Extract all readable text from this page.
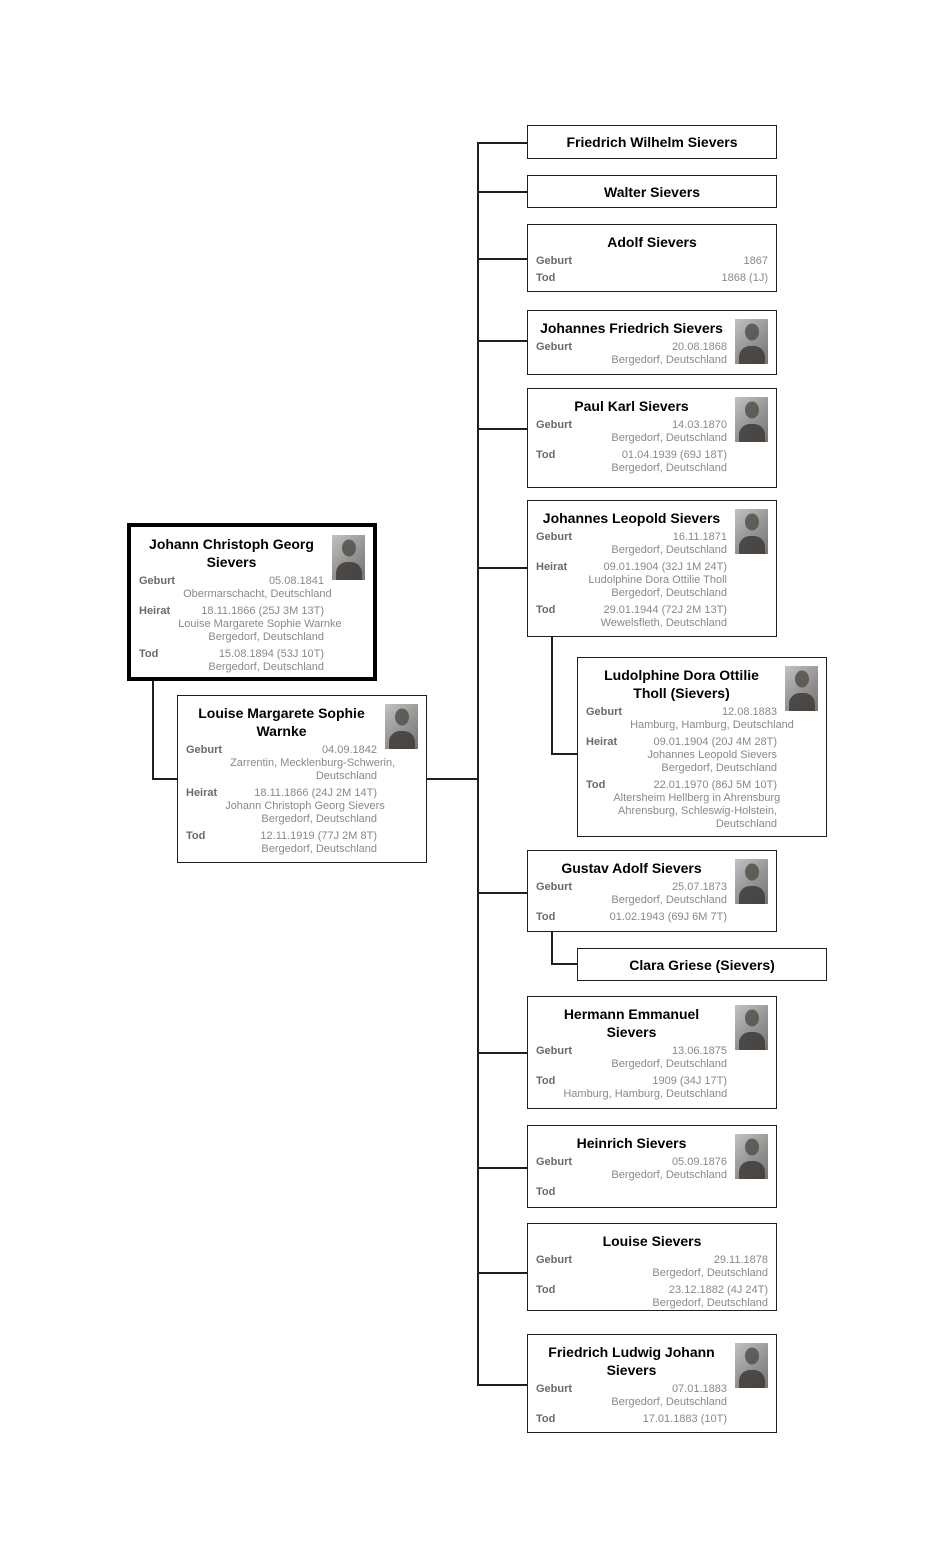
Johann Christoph Georg
Sievers
Geburt	05.08.1841
Obermarschacht, Deutschland
Heirat	18.11.1866 (25J 3M 13T)
Louise Margarete Sophie Warnke
Bergedorf, Deutschland
Tod	15.08.1894 (53J 10T)
Bergedorf, Deutschland
Louise Margarete Sophie
Warnke
Geburt	04.09.1842
Zarrentin, Mecklenburg-Schwerin,
Deutschland
Heirat	18.11.1866 (24J 2M 14T)
Johann Christoph Georg Sievers
Bergedorf, Deutschland
Tod	12.11.1919 (77J 2M 8T)
Bergedorf, Deutschland
Friedrich Wilhelm Sievers
Walter Sievers
Adolf Sievers
Geburt	1867
Tod	1868 (1J)
Johannes Friedrich Sievers
Geburt	20.08.1868
Bergedorf, Deutschland
Paul Karl Sievers
Geburt	14.03.1870
Bergedorf, Deutschland
Tod	01.04.1939 (69J 18T)
Bergedorf, Deutschland
Johannes Leopold Sievers
Geburt	16.11.1871
Bergedorf, Deutschland
Heirat	09.01.1904 (32J 1M 24T)
Ludolphine Dora Ottilie Tholl
Bergedorf, Deutschland
Tod	29.01.1944 (72J 2M 13T)
Wewelsfleth, Deutschland
Ludolphine Dora Ottilie
Tholl (Sievers)
Geburt	12.08.1883
Hamburg, Hamburg, Deutschland
Heirat	09.01.1904 (20J 4M 28T)
Johannes Leopold Sievers
Bergedorf, Deutschland
Tod	22.01.1970 (86J 5M 10T)
Altersheim Hellberg in Ahrensburg
Ahrensburg, Schleswig-Holstein,
Deutschland
Gustav Adolf Sievers
Geburt	25.07.1873
Bergedorf, Deutschland
Tod	01.02.1943 (69J 6M 7T)
Clara Griese (Sievers)
Hermann Emmanuel
Sievers
Geburt	13.06.1875
Bergedorf, Deutschland
Tod	1909 (34J 17T)
Hamburg, Hamburg, Deutschland
Heinrich Sievers
Geburt	05.09.1876
Bergedorf, Deutschland
Tod
Louise Sievers
Geburt	29.11.1878
Bergedorf, Deutschland
Tod	23.12.1882 (4J 24T)
Bergedorf, Deutschland
Friedrich Ludwig Johann
Sievers
Geburt	07.01.1883
Bergedorf, Deutschland
Tod	17.01.1883 (10T)
